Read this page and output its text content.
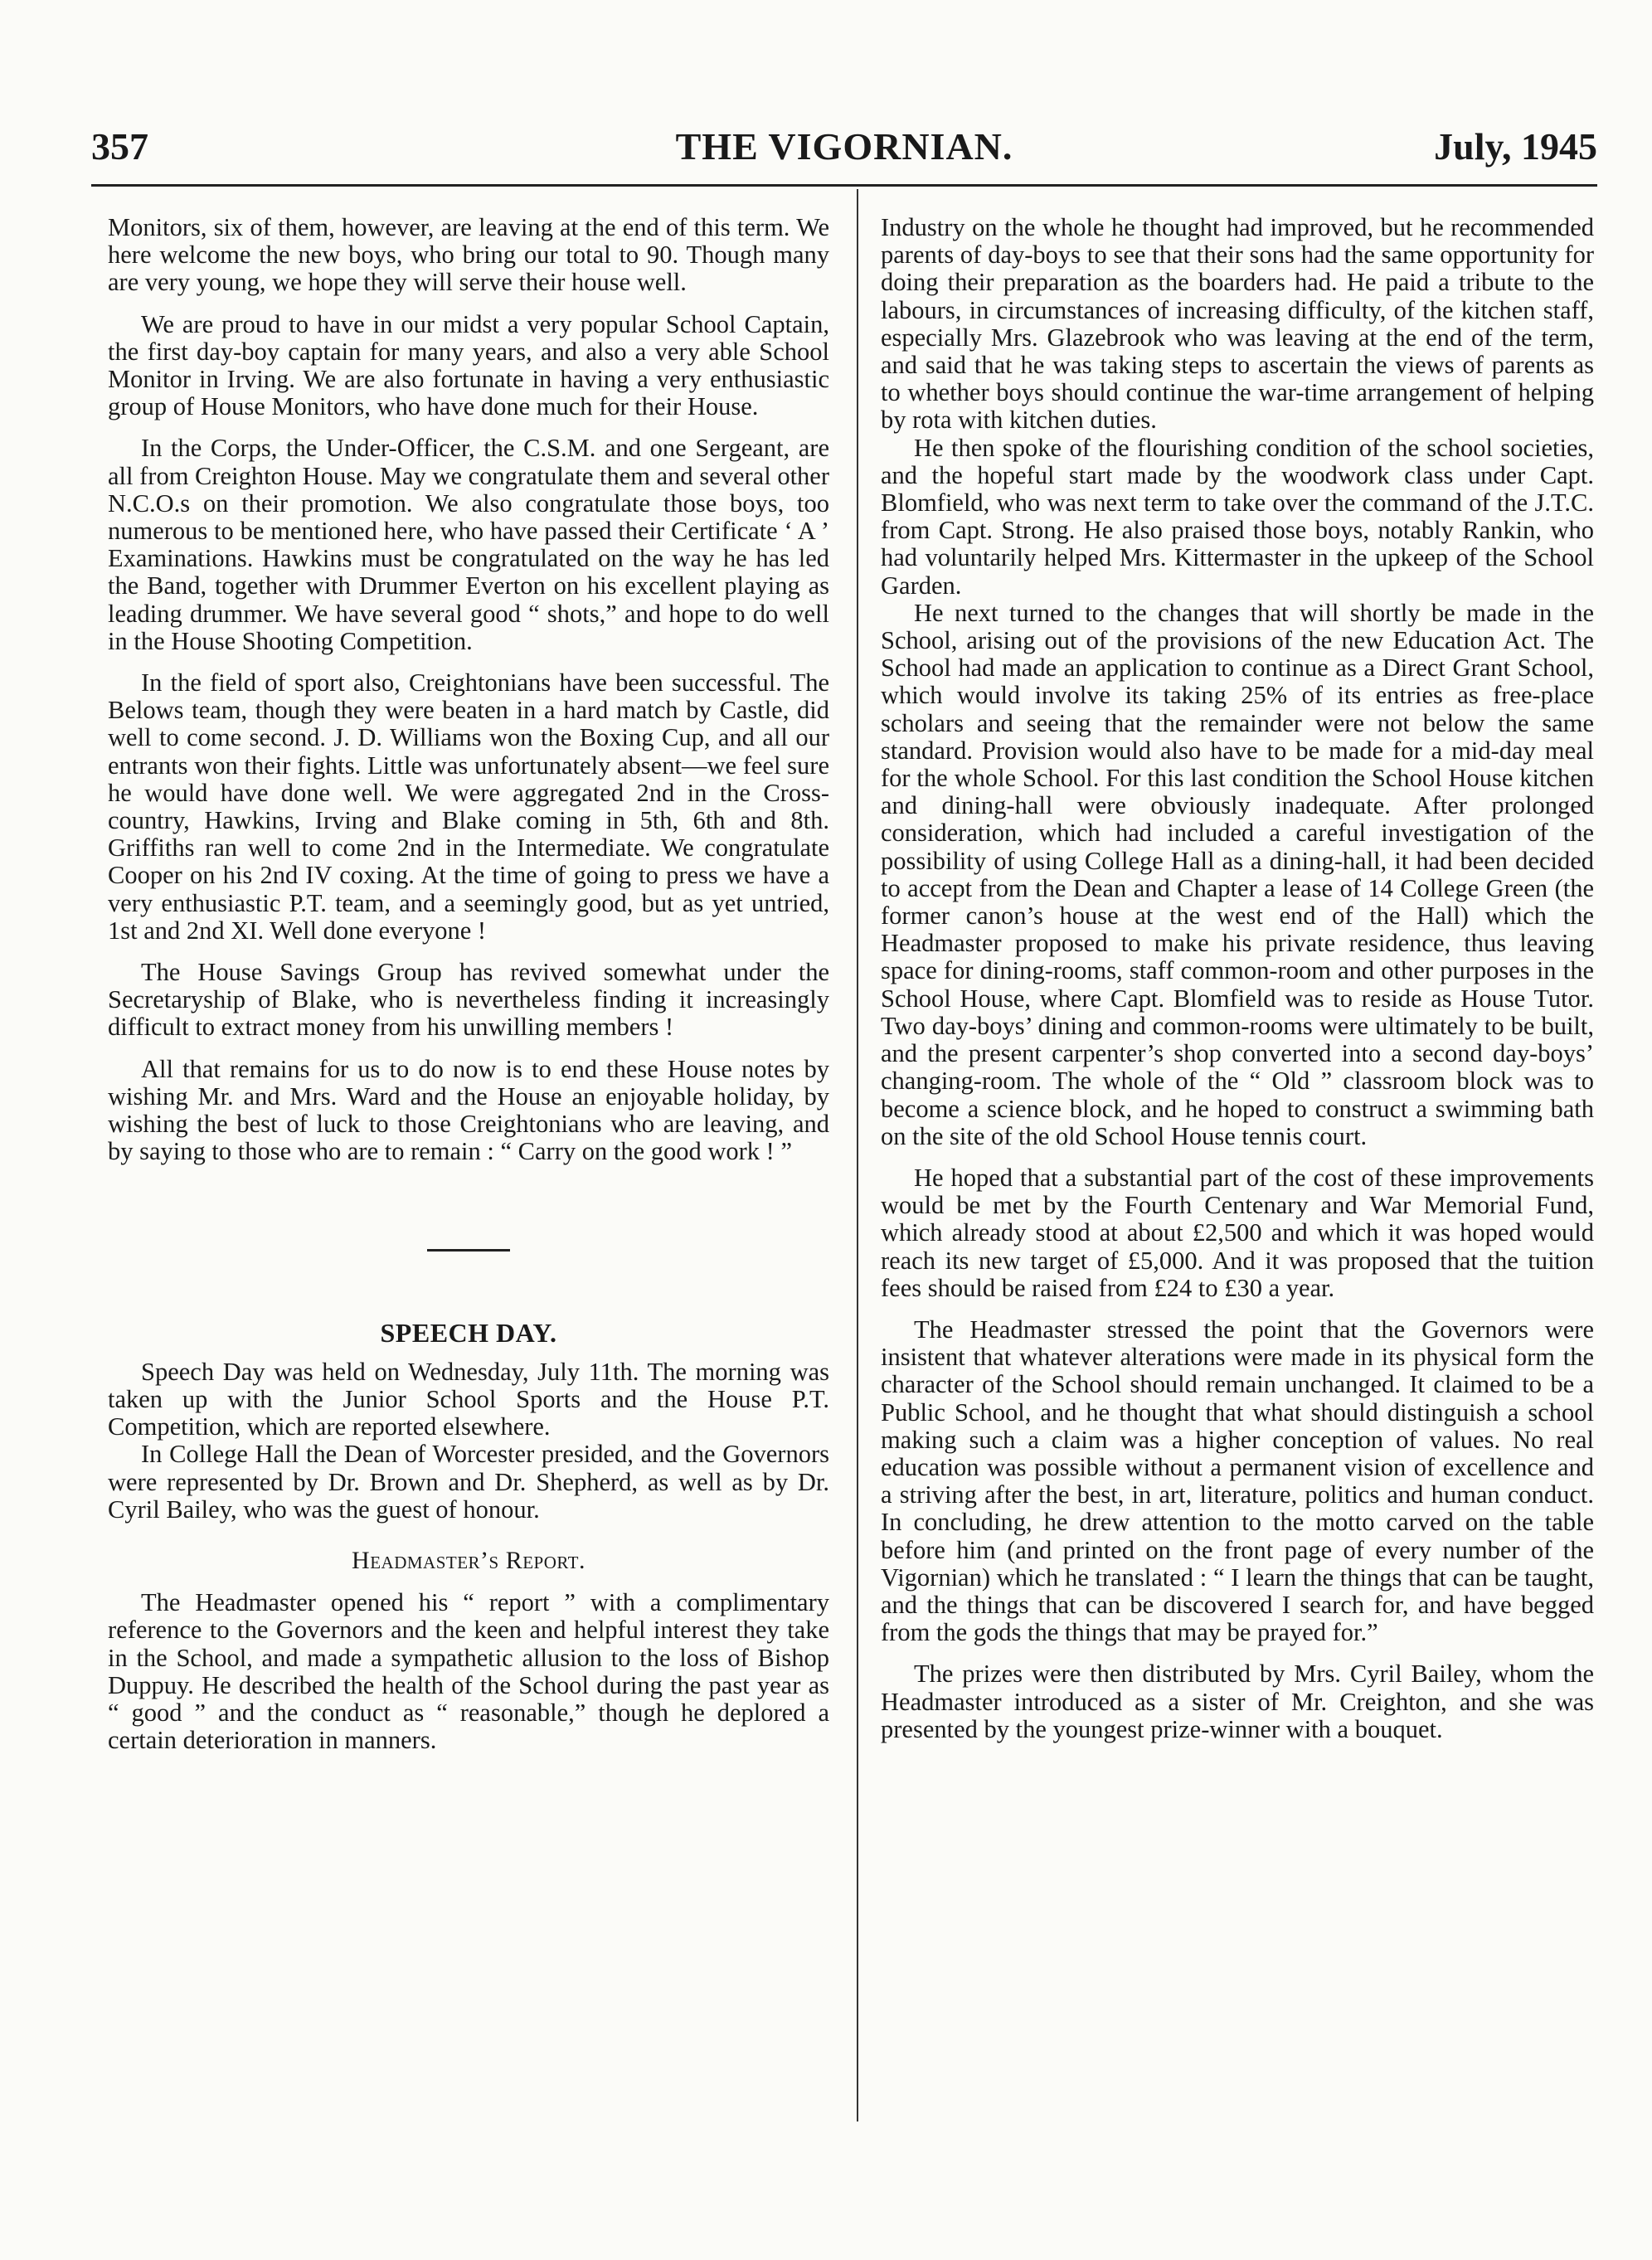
357	THE VIGORNIAN.	July, 1945

Monitors, six of them, however, are leaving at the end of this term. We here welcome the new boys, who bring our total to 90. Though many are very young, we hope they will serve their house well.

We are proud to have in our midst a very popular School Captain, the first day-boy captain for many years, and also a very able School Monitor in Irving. We are also fortunate in having a very enthusiastic group of House Monitors, who have done much for their House.

In the Corps, the Under-Officer, the C.S.M. and one Sergeant, are all from Creighton House. May we congratulate them and several other N.C.O.s on their promotion. We also congratulate those boys, too numerous to be mentioned here, who have passed their Certificate ‘ A ’ Examinations. Hawkins must be congratulated on the way he has led the Band, together with Drummer Everton on his excellent playing as leading drummer. We have several good “ shots,” and hope to do well in the House Shooting Competition.

In the field of sport also, Creightonians have been successful. The Belows team, though they were beaten in a hard match by Castle, did well to come second. J. D. Williams won the Boxing Cup, and all our entrants won their fights. Little was unfortunately absent—we feel sure he would have done well. We were aggregated 2nd in the Cross-country, Hawkins, Irving and Blake coming in 5th, 6th and 8th. Griffiths ran well to come 2nd in the Intermediate. We congratulate Cooper on his 2nd IV coxing. At the time of going to press we have a very enthusiastic P.T. team, and a seemingly good, but as yet untried, 1st and 2nd XI. Well done everyone !

The House Savings Group has revived somewhat under the Secretaryship of Blake, who is nevertheless finding it increasingly difficult to extract money from his unwilling members !

All that remains for us to do now is to end these House notes by wishing Mr. and Mrs. Ward and the House an enjoyable holiday, by wishing the best of luck to those Creightonians who are leaving, and by saying to those who are to remain : “ Carry on the good work ! ”

SPEECH DAY.

Speech Day was held on Wednesday, July 11th. The morning was taken up with the Junior School Sports and the House P.T. Competition, which are reported elsewhere.

In College Hall the Dean of Worcester presided, and the Governors were represented by Dr. Brown and Dr. Shepherd, as well as by Dr. Cyril Bailey, who was the guest of honour.

Headmaster’s Report.

The Headmaster opened his “ report ” with a complimentary reference to the Governors and the keen and helpful interest they take in the School, and made a sympathetic allusion to the loss of Bishop Duppuy. He described the health of the School during the past year as “ good ” and the conduct as “ reasonable,” though he deplored a certain deterioration in manners.

Industry on the whole he thought had improved, but he recommended parents of day-boys to see that their sons had the same opportunity for doing their preparation as the boarders had. He paid a tribute to the labours, in circumstances of increasing difficulty, of the kitchen staff, especially Mrs. Glazebrook who was leaving at the end of the term, and said that he was taking steps to ascertain the views of parents as to whether boys should continue the war-time arrangement of helping by rota with kitchen duties.

He then spoke of the flourishing condition of the school societies, and the hopeful start made by the woodwork class under Capt. Blomfield, who was next term to take over the command of the J.T.C. from Capt. Strong. He also praised those boys, notably Rankin, who had voluntarily helped Mrs. Kittermaster in the upkeep of the School Garden.

He next turned to the changes that will shortly be made in the School, arising out of the provisions of the new Education Act. The School had made an application to continue as a Direct Grant School, which would involve its taking 25% of its entries as free-place scholars and seeing that the remainder were not below the same standard. Provision would also have to be made for a mid-day meal for the whole School. For this last condition the School House kitchen and dining-hall were obviously inadequate. After prolonged consideration, which had included a careful investigation of the possibility of using College Hall as a dining-hall, it had been decided to accept from the Dean and Chapter a lease of 14 College Green (the former canon’s house at the west end of the Hall) which the Headmaster proposed to make his private residence, thus leaving space for dining-rooms, staff common-room and other purposes in the School House, where Capt. Blomfield was to reside as House Tutor. Two day-boys’ dining and common-rooms were ultimately to be built, and the present carpenter’s shop converted into a second day-boys’ changing-room. The whole of the “ Old ” classroom block was to become a science block, and he hoped to construct a swimming bath on the site of the old School House tennis court.

He hoped that a substantial part of the cost of these improvements would be met by the Fourth Centenary and War Memorial Fund, which already stood at about £2,500 and which it was hoped would reach its new target of £5,000. And it was proposed that the tuition fees should be raised from £24 to £30 a year.

The Headmaster stressed the point that the Governors were insistent that whatever alterations were made in its physical form the character of the School should remain unchanged. It claimed to be a Public School, and he thought that what should distinguish a school making such a claim was a higher conception of values. No real education was possible without a permanent vision of excellence and a striving after the best, in art, literature, politics and human conduct. In concluding, he drew attention to the motto carved on the table before him (and printed on the front page of every number of the Vigornian) which he translated : “ I learn the things that can be taught, and the things that can be discovered I search for, and have begged from the gods the things that may be prayed for.”

The prizes were then distributed by Mrs. Cyril Bailey, whom the Headmaster introduced as a sister of Mr. Creighton, and she was presented by the youngest prize-winner with a bouquet.
